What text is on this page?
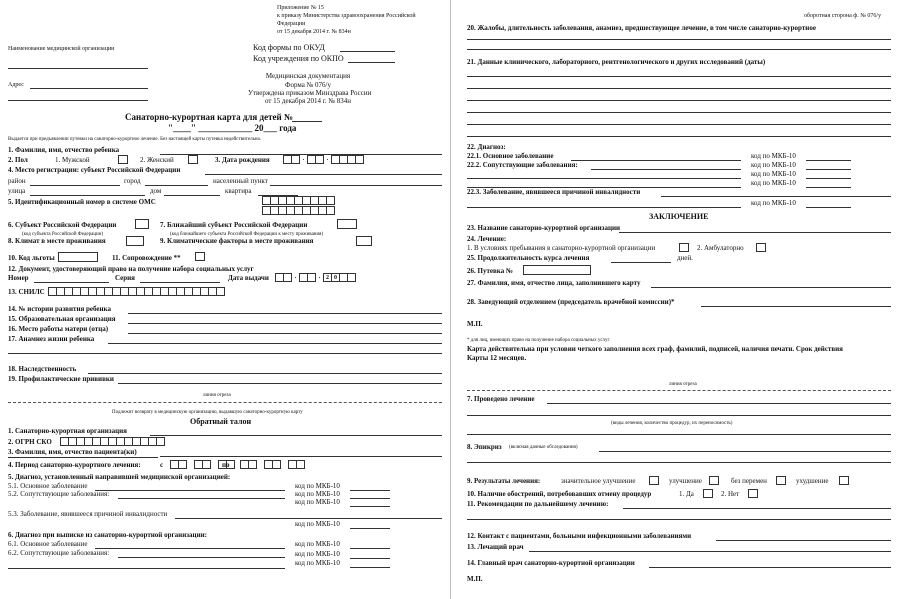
Приложение № 15
к приказу Министерства здравоохранения Российской
Федерации
от 15 декабря 2014 г. № 834н
Наименование медицинской организации
Адрес
Код формы по ОКУД
Код учреждения по ОКПО
Медицинская документация
Форма № 076/у
Утверждена приказом Минздрава России
от 15 декабря 2014 г. № 834н
Санаторно-курортная карта для детей №
"____" ____________ 20___ года
Выдается при предъявлении путевки на санаторно-курортное лечение. Без настоящей карты путевка недействительна.
1. Фамилия, имя, отчество ребенка
2. Пол	1. Мужской	2. Женский	3. Дата рождения	.	.
4. Место регистрации: субъект Российской Федерации
район	город	населенный пункт
улица	дом	квартира
5. Идентификационный номер в системе ОМС
6. Субъект Российской Федерации
(код субъекта Российской Федерации)
7. Ближайший субъект Российской Федерации
(код ближайшего субъекта Российской Федерации к месту проживания)
8. Климат в месте проживания	9. Климатические факторы в месте проживания
10. Код льготы	11. Сопровождение **
12. Документ, удостоверяющий право на получение набора социальных услуг
Номер	Серия	Дата выдачи	.	. 2 0
13. СНИЛС
14. № истории развития ребенка
15. Образовательная организация
16. Место работы матери (отца)
17. Анамнез жизни ребенка
18. Наследственность
19. Профилактические прививки
линия отреза
Подлежит возврату в медицинскую организацию, выдавшую санаторно-курортную карту
Обратный талон
1. Санаторно-курортная организация
2. ОГРН СКО
3. Фамилия, имя, отчество пациента(ки)
4. Период санаторно-курортного лечения:	с	по
5. Диагноз, установленный направившей медицинской организацией:
5.1. Основное заболевание	код по МКБ-10
5.2. Сопутствующие заболевания:	код по МКБ-10
код по МКБ-10
5.3. Заболевание, явившееся причиной инвалидности
код по МКБ-10
6. Диагноз при выписке из санаторно-курортной организации:
6.1. Основное заболевание	код по МКБ-10
6.2. Сопутствующие заболевания:	код по МКБ-10
код по МКБ-10
оборотная сторона ф. № 076/у
20. Жалобы, длительность заболевания, анамнез, предшествующее лечение, в том числе санаторно-курортное
21. Данные клинического, лабораторного, рентгенологического и других исследований (даты)
22. Диагноз:
22.1. Основное заболевание	код по МКБ-10
22.2. Сопутствующие заболевания:	код по МКБ-10
код по МКБ-10
код по МКБ-10
22.3. Заболевание, явившееся причиной инвалидности
код по МКБ-10
ЗАКЛЮЧЕНИЕ
23. Название санаторно-курортной организации
24. Лечение:
1. В условиях пребывания в санаторно-курортной организации	2. Амбулаторно
25. Продолжительность курса лечения	дней.
26. Путевка №
27. Фамилия, имя, отчество лица, заполнившего карту
28. Заведующий отделением (председатель врачебной комиссии)*
М.П.
* для лиц, имеющих право на получение набора социальных услуг
Карта действительна при условии четкого заполнения всех граф, фамилий, подписей, наличия печати. Срок действия
Карты 12 месяцев.
линия отреза
7. Проведено лечение
(виды лечения, количество процедур, их переносимость)
8. Эпикриз (включая данные обследования)
9. Результаты лечения:	значительное улучшение	улучшение	без перемен	ухудшение
10. Наличие обострений, потребовавших отмену процедур	1. Да	2. Нет
11. Рекомендации по дальнейшему лечению:
12. Контакт с пациентами, больными инфекционными заболеваниями
13. Лечащий врач
14. Главный врач санаторно-курортной организации
М.П.
